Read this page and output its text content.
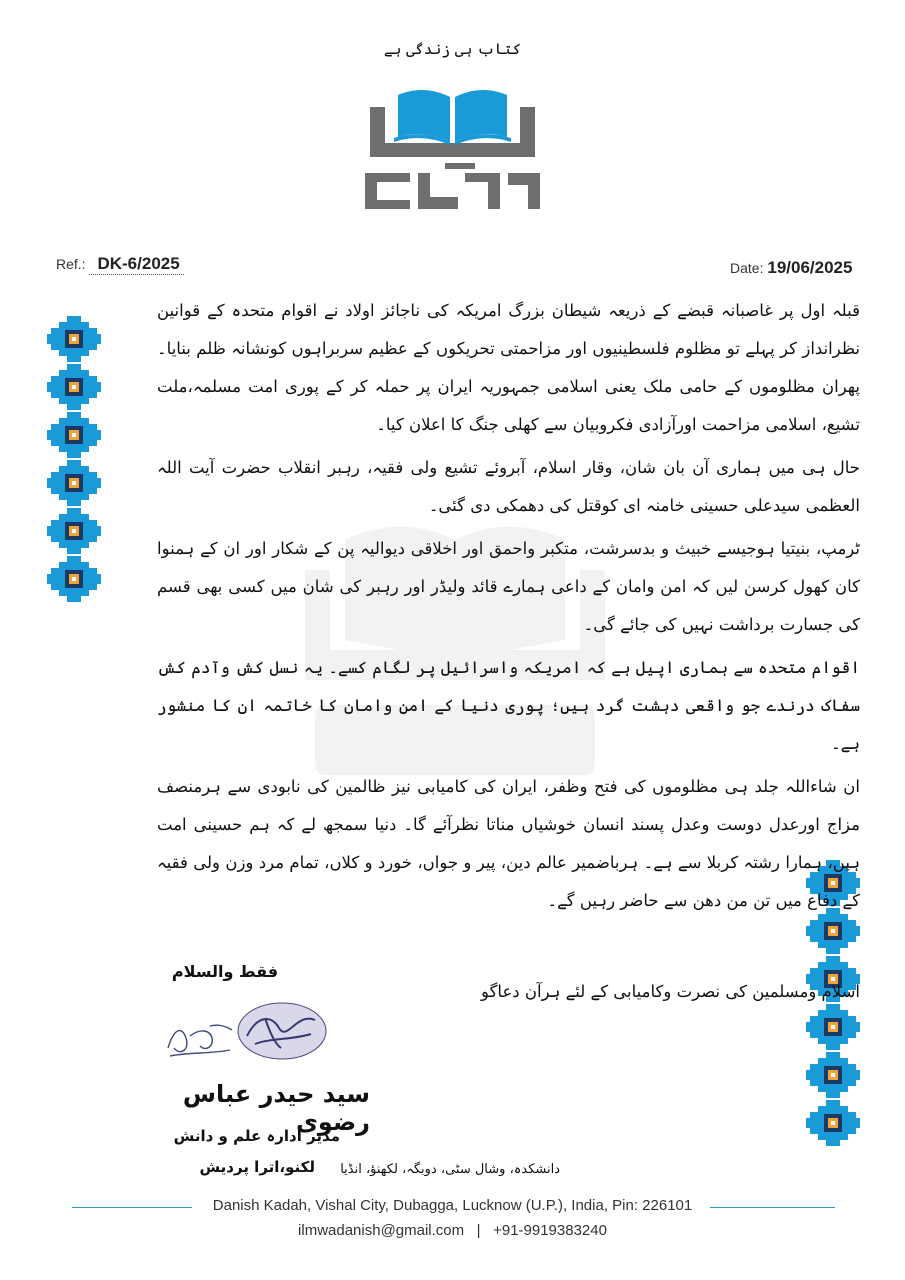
کتاب ہی زندگی ہے
Ref.: DK-6/2025	Date: 19/06/2025

قبلہ اول پر غاصبانہ قبضے کے ذریعہ شیطان بزرگ امریکہ کی ناجائز اولاد نے اقوام متحدہ کے قوانین نظرانداز کر پہلے تو مظلوم فلسطینیوں اور مزاحمتی تحریکوں کے عظیم سربراہوں کونشانہ ظلم بنایا۔ پھران مظلوموں کے حامی ملک یعنی اسلامی جمہوریہ ایران پر حملہ کر کے پوری امت مسلمہ،ملت تشیع، اسلامی مزاحمت اورآزادی فکروبیان سے کھلی جنگ کا اعلان کیا۔

حال ہی میں ہماری آن بان شان، وقار اسلام، آبروئے تشیع ولی فقیہ، رہبر انقلاب حضرت آیت اللہ العظمی سیدعلی حسینی خامنہ ای کوقتل کی دھمکی دی گئی۔

ٹرمپ، بنیتیا ہوجیسے خبیث و بدسرشت، متکبر واحمق اور اخلاقی دیوالیہ پن کے شکار اور ان کے ہمنوا کان کھول کرسن لیں کہ امن وامان کے داعی ہمارے قائد ولیڈر اور رہبر کی شان میں کسی بھی قسم کی جسارت برداشت نہیں کی جائے گی۔

اقوام متحدہ سے ہماری اپیل ہے کہ امریکہ واسرائیل پر لگام کسے۔ یہ نسل کش وآدم کش سفاک درندے جو واقعی دہشت گرد ہیں؛ پوری دنیا کے امن وامان کا خاتمہ ان کا منشور ہے۔

ان شاءاللہ جلد ہی مظلوموں کی فتح وظفر، ایران کی کامیابی نیز ظالمین کی نابودی سے ہرمنصف مزاج اورعدل دوست وعدل پسند انسان خوشیاں مناتا نظرآئے گا۔ دنیا سمجھ لے کہ ہم حسینی امت ہیں، ہمارا رشتہ کربلا سے ہے۔ ہرباضمیر عالم دین، پیر و جواں، خورد و کلاں، تمام مرد وزن ولی فقیہ کے دفاع میں تن من دھن سے حاضر رہیں گے۔

اسلام ومسلمین کی نصرت وکامیابی کے لئے ہرآن دعاگو
فقط والسلام
سید حیدر عباس رضوی
مدیر ادارہ علم و دانش
لکنو،اترا پردیش دانشکدہ، وشال سٹی، دوبگہ، لکھنؤ، انڈیا
Danish Kadah, Vishal City, Dubagga, Lucknow (U.P.), India, Pin: 226101
ilmwadanish@gmail.com | +91-9919383240
